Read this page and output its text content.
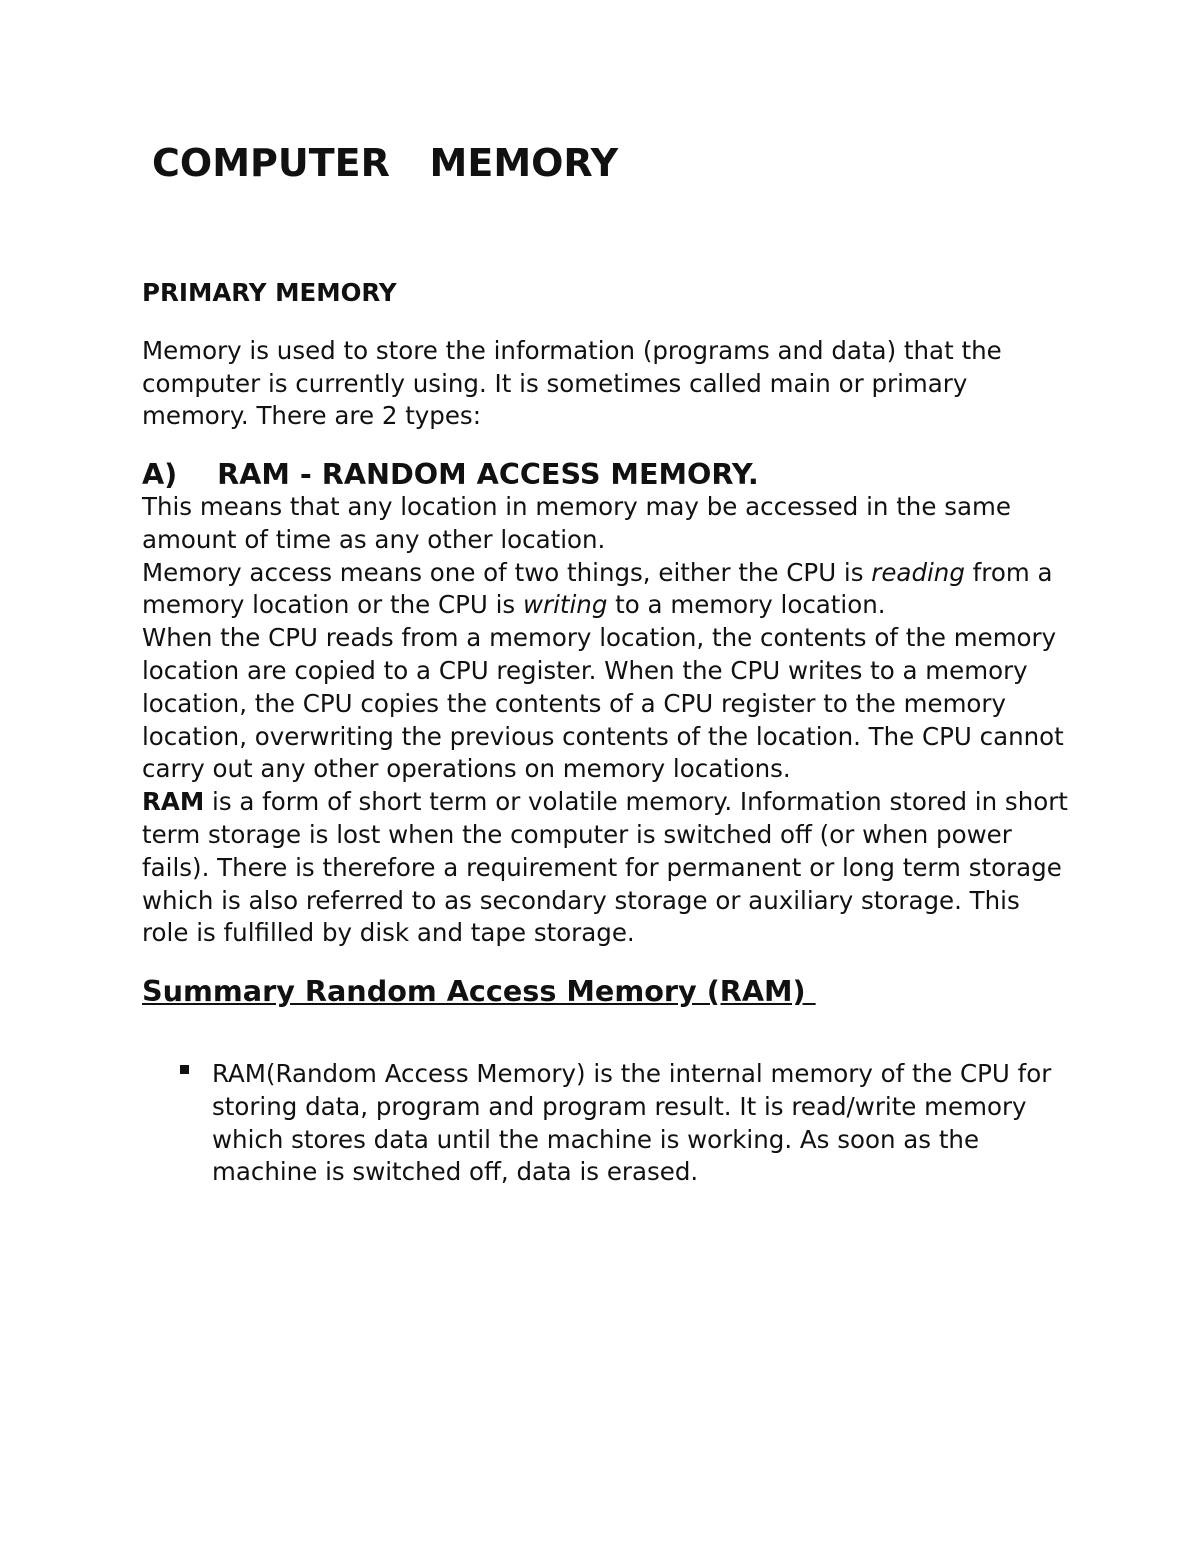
COMPUTER   MEMORY
PRIMARY MEMORY

Memory is used to store the information (programs and data) that the computer is currently using. It is sometimes called main or primary memory. There are 2 types:

A)    RAM - RANDOM ACCESS MEMORY.

This means that any location in memory may be accessed in the same amount of time as any other location.

Memory access means one of two things, either the CPU is reading from a memory location or the CPU is writing to a memory location.

When the CPU reads from a memory location, the contents of the memory location are copied to a CPU register. When the CPU writes to a memory location, the CPU copies the contents of a CPU register to the memory location, overwriting the previous contents of the location. The CPU cannot carry out any other operations on memory locations.

RAM is a form of short term or volatile memory. Information stored in short term storage is lost when the computer is switched off (or when power fails). There is therefore a requirement for permanent or long term storage which is also referred to as secondary storage or auxiliary storage. This role is fulfilled by disk and tape storage.

Summary Random Access Memory (RAM)
RAM(Random Access Memory) is the internal memory of the CPU for storing data, program and program result. It is read/write memory which stores data until the machine is working. As soon as the machine is switched off, data is erased.
